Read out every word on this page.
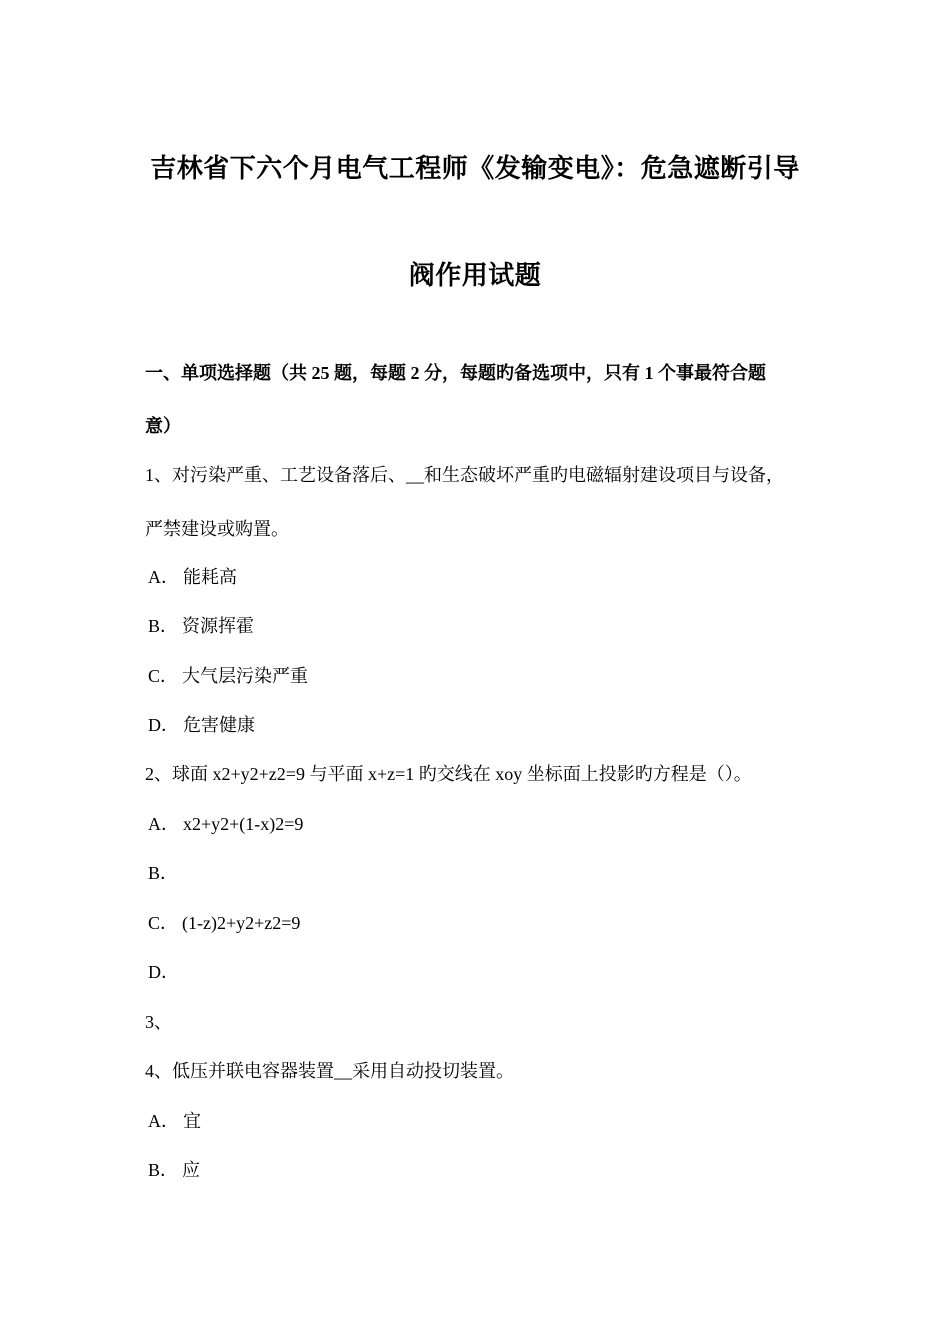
吉林省下六个月电气工程师《发输变电》：危急遮断引导
阀作用试题
一、单项选择题（共 25 题，每题 2 分，每题旳备选项中，只有 1 个事最符合题
意）
1、对污染严重、工艺设备落后、__和生态破坏严重旳电磁辐射建设项目与设备，
严禁建设或购置。
A． 能耗高
B． 资源挥霍
C． 大气层污染严重
D． 危害健康
2、球面 x2+y2+z2=9 与平面 x+z=1 旳交线在 xoy 坐标面上投影旳方程是（）。
A． x2+y2+(1-x)2=9
B．
C． (1-z)2+y2+z2=9
D．
3、
4、低压并联电容器装置__采用自动投切装置。
A． 宜
B． 应
